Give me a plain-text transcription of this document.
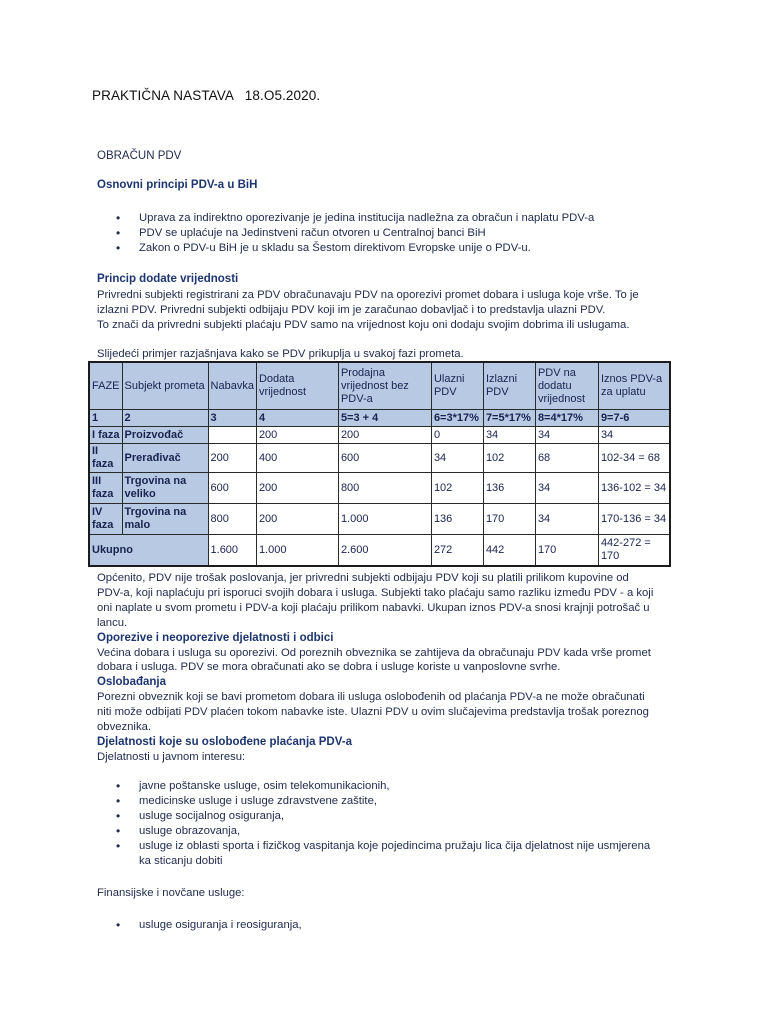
PRAKTIČNA NASTAVA   18.O5.2020.
OBRAČUN PDV
Osnovni principi PDV-a u BiH
• Uprava za indirektno oporezivanje je jedina institucija nadležna za obračun i naplatu PDV-a
• PDV se uplaćuje na Jedinstveni račun otvoren u Centralnoj banci BiH
• Zakon o PDV-u BiH je u skladu sa Šestom direktivom Evropske unije o PDV-u.
Princip dodate vrijednosti
Privredni subjekti registrirani za PDV obračunavaju PDV na oporezivi promet dobara i usluga koje vrše. To je
izlazni PDV. Privredni subjekti odbijaju PDV koji im je zaračunao dobavljač i to predstavlja ulazni PDV.
To znači da privredni subjekti plaćaju PDV samo na vrijednost koju oni dodaju svojim dobrima ili uslugama.
Slijedeći primjer razjašnjava kako se PDV prikuplja u svakoj fazi prometa.
FAZE	Subjekt prometa	Nabavka	Dodata vrijednost	Prodajna vrijednost bez PDV-a	Ulazni PDV	Izlazni PDV	PDV na dodatu vrijednost	Iznos PDV-a za uplatu
1	2	3	4	5=3 + 4	6=3*17%	7=5*17%	8=4*17%	9=7-6
I faza	Proizvođač		200	200	0	34	34	34
II faza	Prerađivač	200	400	600	34	102	68	102-34 = 68
III faza	Trgovina na veliko	600	200	800	102	136	34	136-102 = 34
IV faza	Trgovina na malo	800	200	1.000	136	170	34	170-136 = 34
Ukupno		1.600	1.000	2.600	272	442	170	442-272 = 170
Općenito, PDV nije trošak poslovanja, jer privredni subjekti odbijaju PDV koji su platili prilikom kupovine od
PDV-a, koji naplaćuju pri isporuci svojih dobara i usluga. Subjekti tako plaćaju samo razliku između PDV - a koji
oni naplate u svom prometu i PDV-a koji plaćaju prilikom nabavki. Ukupan iznos PDV-a snosi krajnji potrošač u
lancu.
Oporezive i neoporezive djelatnosti i odbici
Većina dobara i usluga su oporezivi. Od poreznih obveznika se zahtijeva da obračunaju PDV kada vrše promet
dobara i usluga. PDV se mora obračunati ako se dobra i usluge koriste u vanposlovne svrhe.
Oslobađanja
Porezni obveznik koji se bavi prometom dobara ili usluga oslobođenih od plaćanja PDV-a ne može obračunati
niti može odbijati PDV plaćen tokom nabavke iste. Ulazni PDV u ovim slučajevima predstavlja trošak poreznog
obveznika.
Djelatnosti koje su oslobođene plaćanja PDV-a
Djelatnosti u javnom interesu:
• javne poštanske usluge, osim telekomunikacionih,
• medicinske usluge i usluge zdravstvene zaštite,
• usluge socijalnog osiguranja,
• usluge obrazovanja,
• usluge iz oblasti sporta i fizičkog vaspitanja koje pojedincima pružaju lica čija djelatnost nije usmjerena
ka sticanju dobiti
Finansijske i novčane usluge:
• usluge osiguranja i reosiguranja,
